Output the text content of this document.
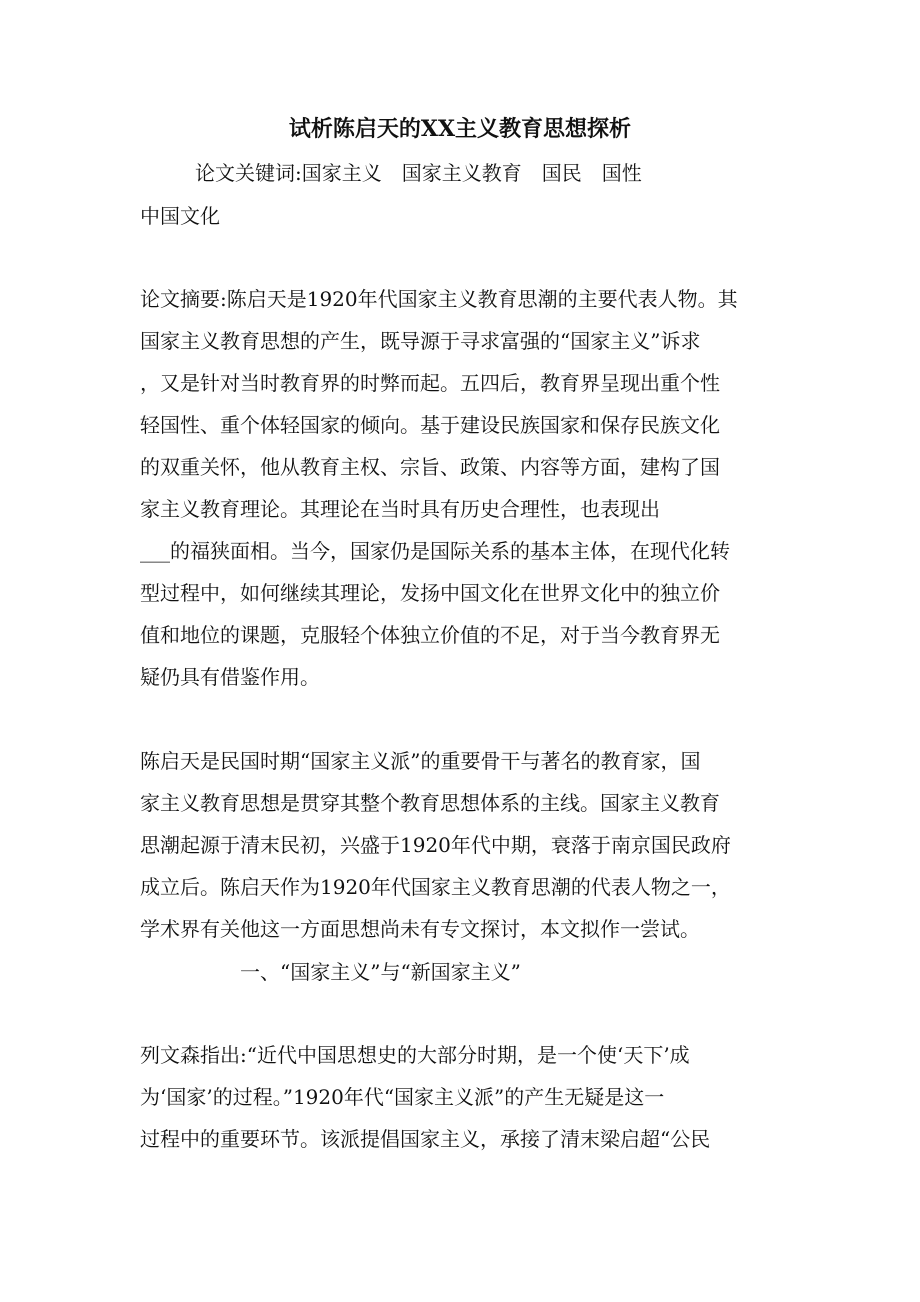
试析陈启天的XX主义教育思想探析
论文关键词:国家主义　国家主义教育　国民　国性
中国文化
论文摘要:陈启天是1920年代国家主义教育思潮的主要代表人物。其
国家主义教育思想的产生，既导源于寻求富强的“国家主义”诉求
，又是针对当时教育界的时弊而起。五四后，教育界呈现出重个性
轻国性、重个体轻国家的倾向。基于建设民族国家和保存民族文化
的双重关怀，他从教育主权、宗旨、政策、内容等方面，建构了国
家主义教育理论。其理论在当时具有历史合理性，也表现出
___的福狭面相。当今，国家仍是国际关系的基本主体，在现代化转
型过程中，如何继续其理论，发扬中国文化在世界文化中的独立价
值和地位的课题，克服轻个体独立价值的不足，对于当今教育界无
疑仍具有借鉴作用。
陈启天是民国时期“国家主义派”的重要骨干与著名的教育家，国
家主义教育思想是贯穿其整个教育思想体系的主线。国家主义教育
思潮起源于清末民初，兴盛于1920年代中期，衰落于南京国民政府
成立后。陈启天作为1920年代国家主义教育思潮的代表人物之一，
学术界有关他这一方面思想尚未有专文探讨，本文拟作一尝试。
一、“国家主义”与“新国家主义”
列文森指出:“近代中国思想史的大部分时期，是一个使‘天下’成
为‘国家’的过程。”1920年代“国家主义派”的产生无疑是这一
过程中的重要环节。该派提倡国家主义，承接了清末梁启超“公民
